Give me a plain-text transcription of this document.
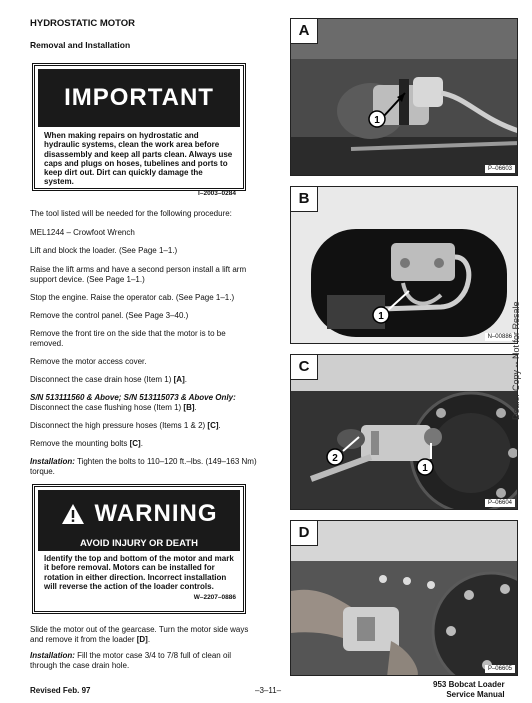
HYDROSTATIC MOTOR
Removal and Installation
IMPORTANT
When making repairs on hydrostatic and hydraulic systems, clean the work area before disassembly and keep all parts clean. Always use caps and plugs on hoses, tubelines and ports to keep dirt out. Dirt can quickly damage the system.
I–2003–0284
The tool listed will be needed for the following procedure:
MEL1244 – Crowfoot Wrench
Lift and block the loader. (See Page 1–1.)
Raise the lift arms and have a second person install a lift arm support device. (See Page 1–1.)
Stop the engine. Raise the operator cab. (See Page 1–1.)
Remove the control panel. (See Page 3–40.)
Remove the front tire on the side that the motor is to be removed.
Remove the motor access cover.
Disconnect the case drain hose (Item 1) [A].
S/N 513111560 & Above; S/N 513115073 & Above Only: Disconnect the case flushing hose (Item 1) [B].
Disconnect the high pressure hoses (Items 1 & 2) [C].
Remove the mounting bolts [C].
Installation: Tighten the bolts to 110–120 ft.–lbs. (149–163 Nm) torque.
WARNING
AVOID INJURY OR DEATH
Identify the top and bottom of the motor and mark it before removal. Motors can be installed for rotation in either direction. Incorrect installation will reverse the action of the loader controls.
W–2207–0886
Slide the motor out of the gearcase. Turn the motor side ways and remove it from the loader [D].
Installation: Fill the motor case 3/4 to 7/8 full of clean oil through the case drain hole.
1
A
P–06603
1
B
N–00886
2
1
C
P–06604
D
P–06605
Dealer Copy -- Not for Resale
Revised Feb. 97	–3–11–
953 Bobcat Loader
Service Manual
